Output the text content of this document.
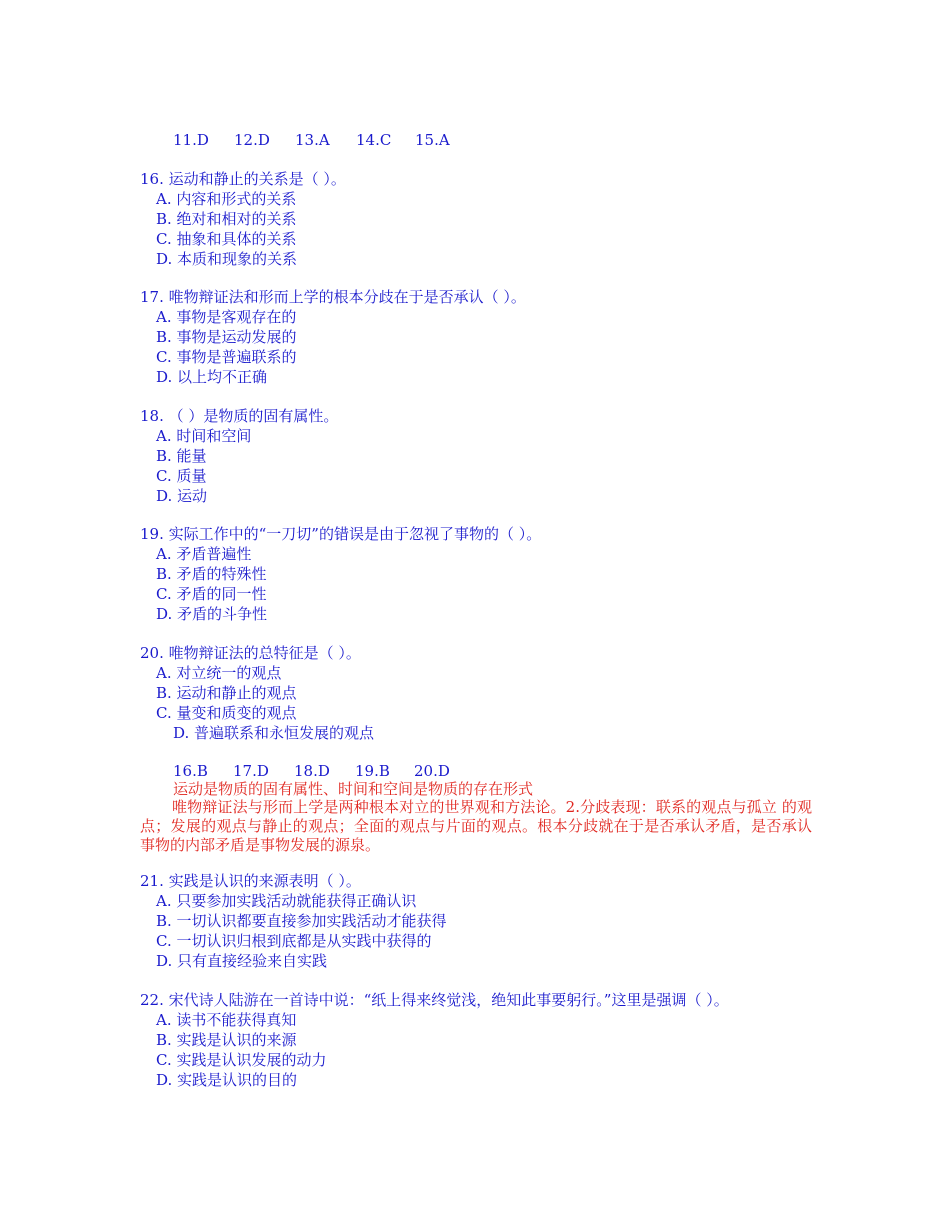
11.D 12.D 13.A 14.C 15.A
16. 运动和静止的关系是（ ）。
A. 内容和形式的关系
B. 绝对和相对的关系
C. 抽象和具体的关系
D. 本质和现象的关系
17. 唯物辩证法和形而上学的根本分歧在于是否承认（ ）。
A. 事物是客观存在的
B. 事物是运动发展的
C. 事物是普遍联系的
D. 以上均不正确
18. （ ）是物质的固有属性。
A. 时间和空间
B. 能量
C. 质量
D. 运动
19. 实际工作中的“一刀切”的错误是由于忽视了事物的（ ）。
A. 矛盾普遍性
B. 矛盾的特殊性
C. 矛盾的同一性
D. 矛盾的斗争性
20. 唯物辩证法的总特征是（ ）。
A. 对立统一的观点
B. 运动和静止的观点
C. 量变和质变的观点
D. 普遍联系和永恒发展的观点
16.B 17.D 18.D 19.B 20.D
运动是物质的固有属性、时间和空间是物质的存在形式
唯物辩证法与形而上学是两种根本对立的世界观和方法论。2.分歧表现：联系的观点与孤立 的观点；发展的观点与静止的观点；全面的观点与片面的观点。根本分歧就在于是否承认矛盾，是否承认事物的内部矛盾是事物发展的源泉。
21. 实践是认识的来源表明（ ）。
A. 只要参加实践活动就能获得正确认识
B. 一切认识都要直接参加实践活动才能获得
C. 一切认识归根到底都是从实践中获得的
D. 只有直接经验来自实践
22. 宋代诗人陆游在一首诗中说：“纸上得来终觉浅，绝知此事要躬行。”这里是强调（ ）。
A. 读书不能获得真知
B. 实践是认识的来源
C. 实践是认识发展的动力
D. 实践是认识的目的
